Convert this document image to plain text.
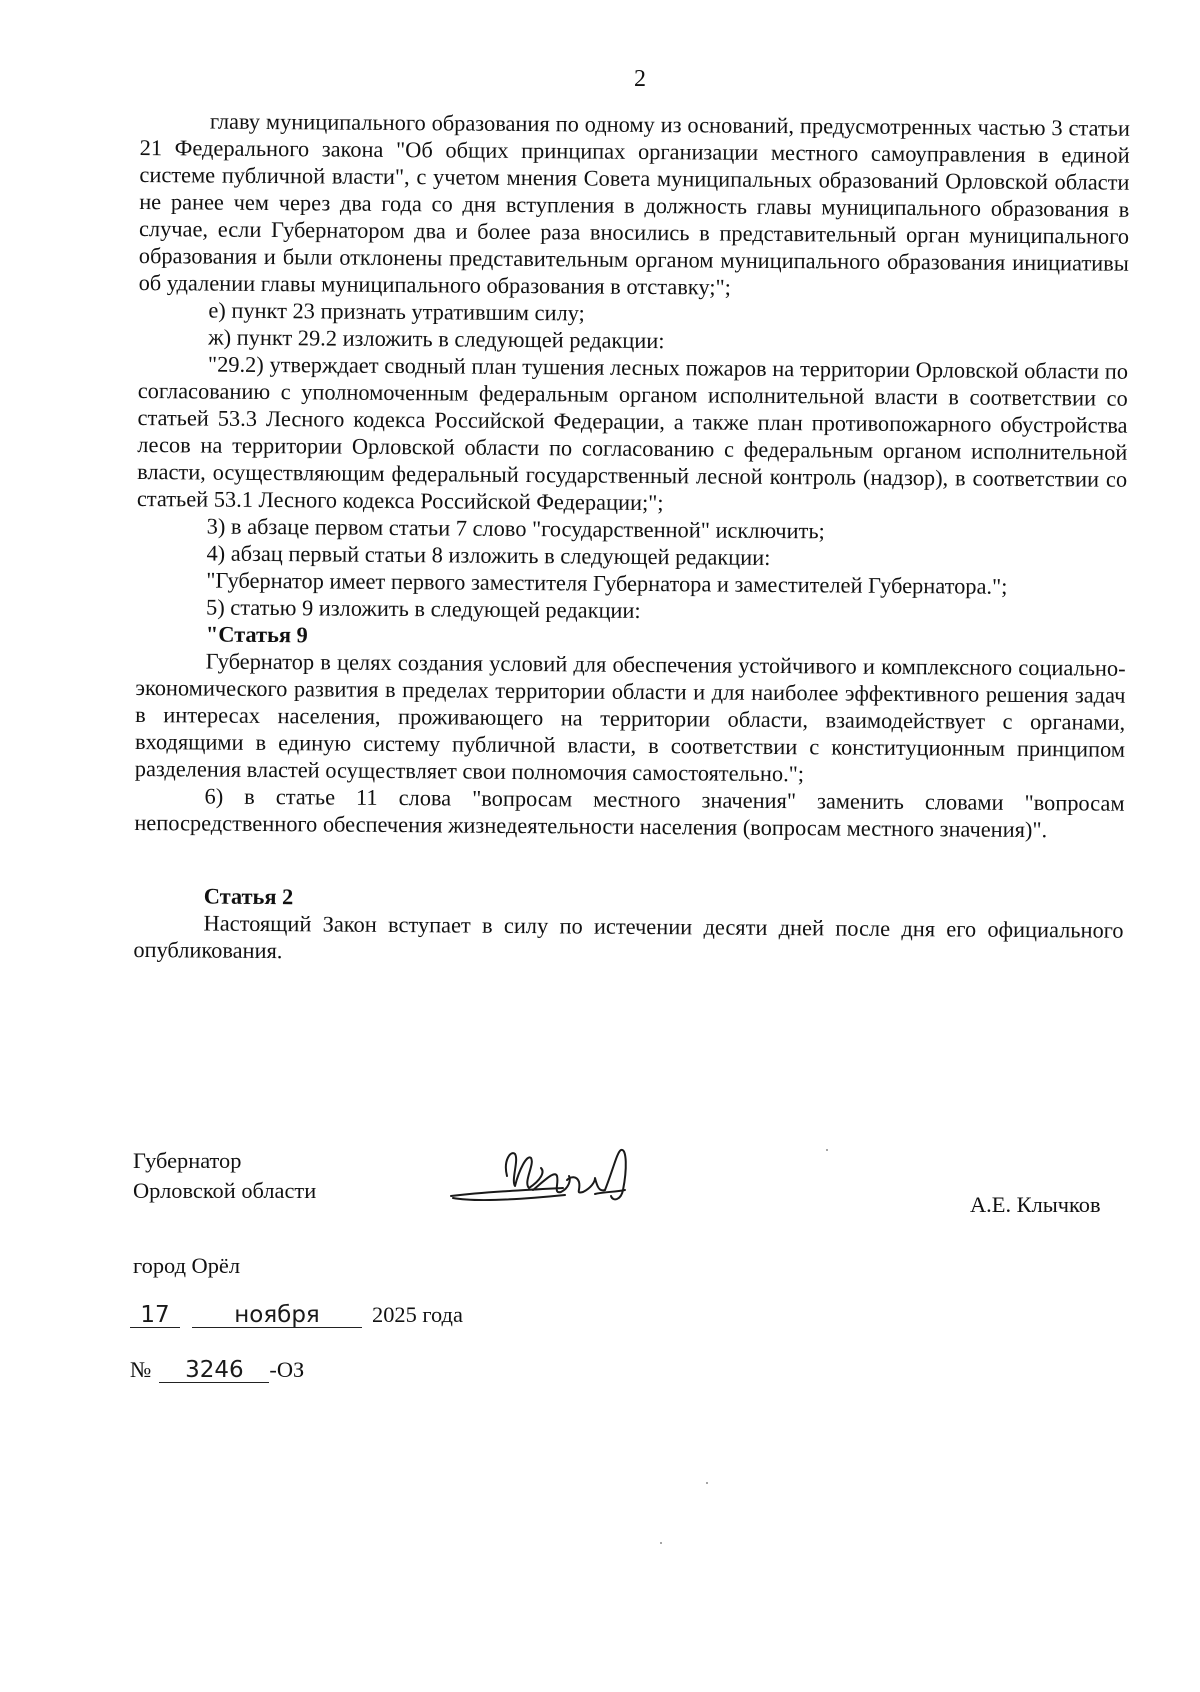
2

главу муниципального образования по одному из оснований, предусмотренных частью 3 статьи 21 Федерального закона "Об общих принципах организации местного самоуправления в единой системе публичной власти", с учетом мнения Совета муниципальных образований Орловской области не ранее чем через два года со дня вступления в должность главы муниципального образования в случае, если Губернатором два и более раза вносились в представительный орган муниципального образования и были отклонены представительным органом муниципального образования инициативы об удалении главы муниципального образования в отставку;";

е) пункт 23 признать утратившим силу;

ж) пункт 29.2 изложить в следующей редакции:

"29.2) утверждает сводный план тушения лесных пожаров на территории Орловской области по согласованию с уполномоченным федеральным органом исполнительной власти в соответствии со статьей 53.3 Лесного кодекса Российской Федерации, а также план противопожарного обустройства лесов на территории Орловской области по согласованию с федеральным органом исполнительной власти, осуществляющим федеральный государственный лесной контроль (надзор), в соответствии со статьей 53.1 Лесного кодекса Российской Федерации;";

3) в абзаце первом статьи 7 слово "государственной" исключить;

4) абзац первый статьи 8 изложить в следующей редакции:

"Губернатор имеет первого заместителя Губернатора и заместителей Губернатора.";

5) статью 9 изложить в следующей редакции:

"Статья 9

Губернатор в целях создания условий для обеспечения устойчивого и комплексного социально-экономического развития в пределах территории области и для наиболее эффективного решения задач в интересах населения, проживающего на территории области, взаимодействует с органами, входящими в единую систему публичной власти, в соответствии с конституционным принципом разделения властей осуществляет свои полномочия самостоятельно.";

6) в статье 11 слова "вопросам местного значения" заменить словами "вопросам непосредственного обеспечения жизнедеятельности населения (вопросам местного значения)".

Статья 2

Настоящий Закон вступает в силу по истечении десяти дней после дня его официального опубликования.

Губернатор
Орловской области
А.Е. Клычков
город Орёл
17	ноября	2025 года
№	3246	-ОЗ
